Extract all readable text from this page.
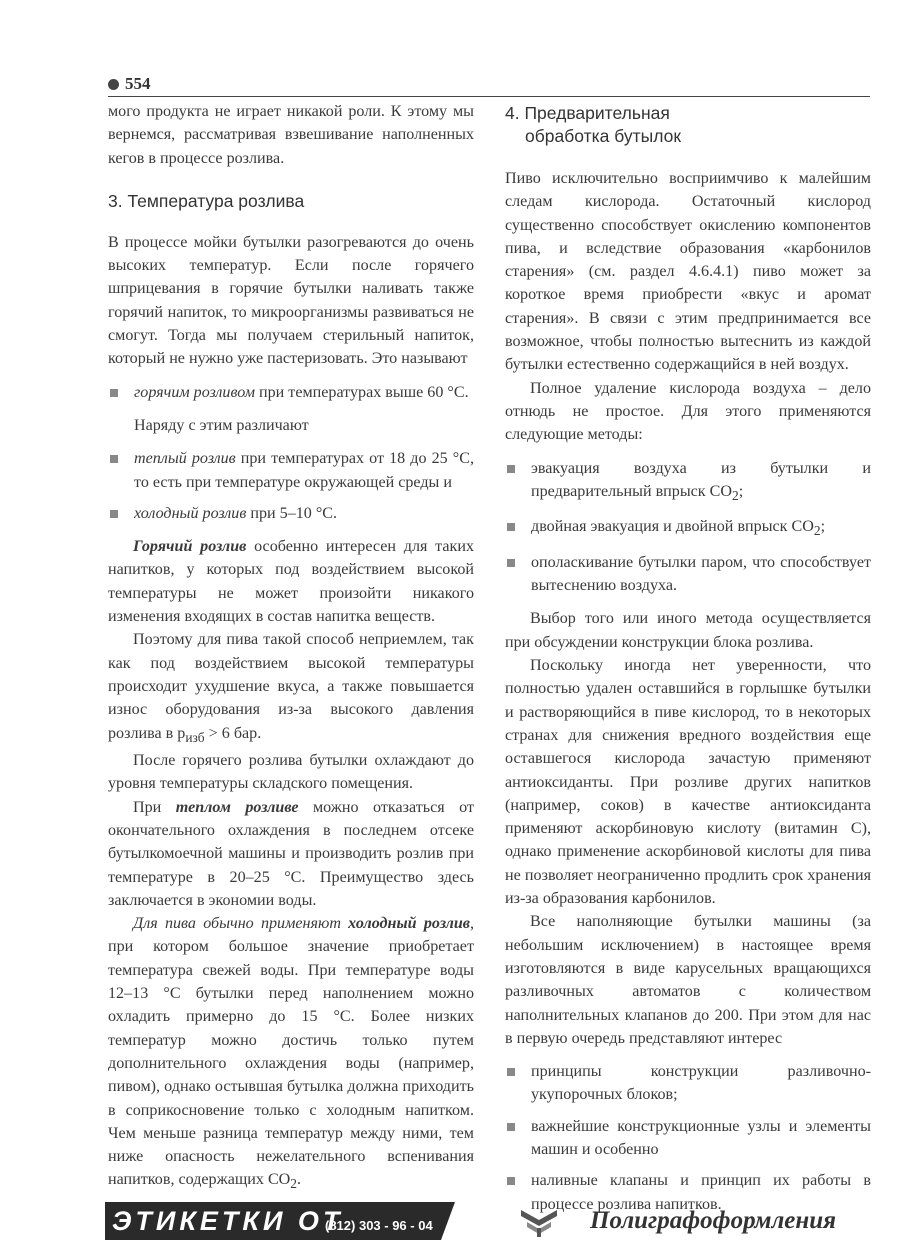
554

мого продукта не играет никакой роли. К этому мы вернемся, рассматривая взвешивание наполненных кегов в процессе розлива.

3. Температура розлива

В процессе мойки бутылки разогреваются до очень высоких температур. Если после горячего шприцевания в горячие бутылки наливать также горячий напиток, то микроорганизмы развиваться не смогут. Тогда мы получаем стерильный напиток, который не нужно уже пастеризовать. Это называют

горячим розливом при температурах выше 60 °C.

Наряду с этим различают

теплый розлив при температурах от 18 до 25 °C, то есть при температуре окружающей среды и
холодный розлив при 5–10 °C.

Горячий розлив особенно интересен для таких напитков, у которых под воздействием высокой температуры не может произойти никакого изменения входящих в состав напитка веществ.

Поэтому для пива такой способ неприемлем, так как под воздействием высокой температуры происходит ухудшение вкуса, а также повышается износ оборудования из-за высокого давления розлива в $p_{изб} > 6$ бар.

После горячего розлива бутылки охлаждают до уровня температуры складского помещения.

При теплом розливе можно отказаться от окончательного охлаждения в последнем отсеке бутылкомоечной машины и производить розлив при температуре в 20–25 °C. Преимущество здесь заключается в экономии воды.

Для пива обычно применяют холодный розлив, при котором большое значение приобретает температура свежей воды. При температуре воды 12–13 °C бутылки перед наполнением можно охладить примерно до 15 °C. Более низких температур можно достичь только путем дополнительного охлаждения воды (например, пивом), однако остывшая бутылка должна приходить в соприкосновение только с холодным напитком. Чем меньше разница температур между ними, тем ниже опасность нежелательного вспенивания напитков, содержащих $CO_2$.

4. Предварительная
обработка бутылок

Пиво исключительно восприимчиво к малейшим следам кислорода. Остаточный кислород существенно способствует окислению компонентов пива, и вследствие образования «карбонилов старения» (см. раздел 4.6.4.1) пиво может за короткое время приобрести «вкус и аромат старения». В связи с этим предпринимается все возможное, чтобы полностью вытеснить из каждой бутылки естественно содержащийся в ней воздух.

Полное удаление кислорода воздуха – дело отнюдь не простое. Для этого применяются следующие методы:

эвакуация воздуха из бутылки и предварительный впрыск $CO_2$;
двойная эвакуация и двойной впрыск $CO_2$;
ополаскивание бутылки паром, что способствует вытеснению воздуха.

Выбор того или иного метода осуществляется при обсуждении конструкции блока розлива.

Поскольку иногда нет уверенности, что полностью удален оставшийся в горлышке бутылки и растворяющийся в пиве кислород, то в некоторых странах для снижения вредного воздействия еще оставшегося кислорода зачастую применяют антиоксиданты. При розливе других напитков (например, соков) в качестве антиоксиданта применяют аскорбиновую кислоту (витамин С), однако применение аскорбиновой кислоты для пива не позволяет неограниченно продлить срок хранения из-за образования карбонилов.

Все наполняющие бутылки машины (за небольшим исключением) в настоящее время изготовляются в виде карусельных вращающихся разливочных автоматов с количеством наполнительных клапанов до 200. При этом для нас в первую очередь представляют интерес

принципы конструкции разливочно-укупорочных блоков;
важнейшие конструкционные узлы и элементы машин и особенно
наливные клапаны и принцип их работы в процессе розлива напитков.
ЭТИКЕТКИ ОТ
(812) 303 - 96 - 04	Полиграфоформления
